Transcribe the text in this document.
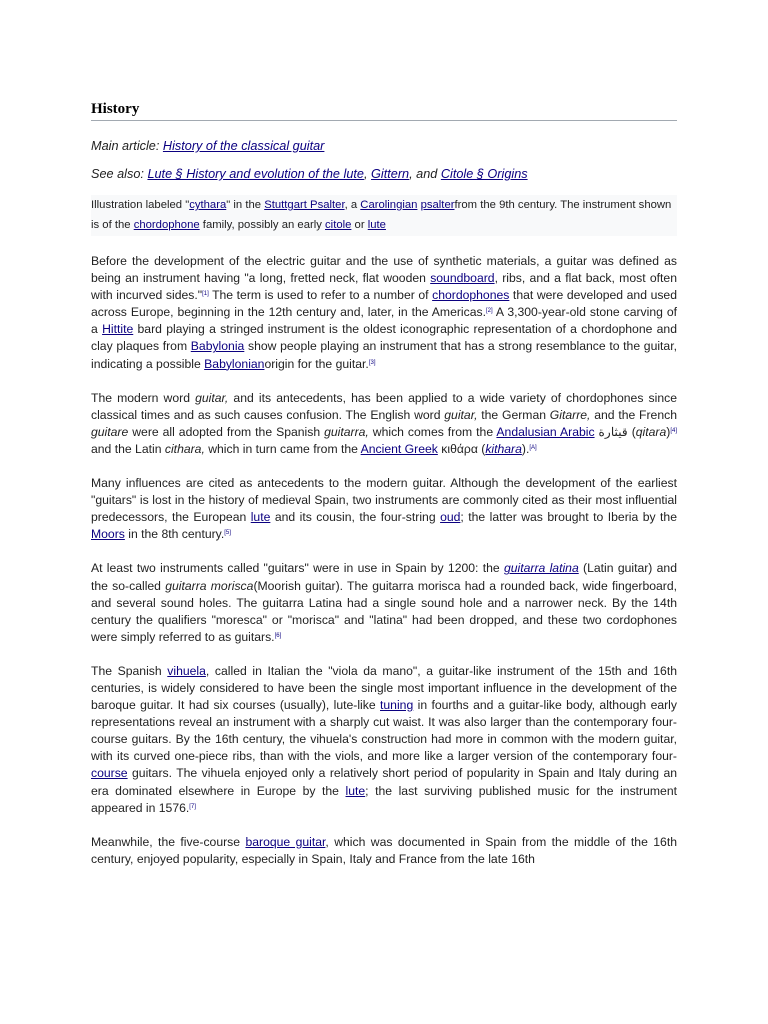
History
Main article: History of the classical guitar
See also: Lute § History and evolution of the lute, Gittern, and Citole § Origins
Illustration labeled "cythara" in the Stuttgart Psalter, a Carolingian psalterfrom the 9th century. The instrument shown is of the chordophone family, possibly an early citole or lute

Before the development of the electric guitar and the use of synthetic materials, a guitar was defined as being an instrument having "a long, fretted neck, flat wooden soundboard, ribs, and a flat back, most often with incurved sides."[1] The term is used to refer to a number of chordophones that were developed and used across Europe, beginning in the 12th century and, later, in the Americas.[2] A 3,300-year-old stone carving of a Hittite bard playing a stringed instrument is the oldest iconographic representation of a chordophone and clay plaques from Babylonia show people playing an instrument that has a strong resemblance to the guitar, indicating a possible Babylonianorigin for the guitar.[3]

The modern word guitar, and its antecedents, has been applied to a wide variety of chordophones since classical times and as such causes confusion. The English word guitar, the German Gitarre, and the French guitare were all adopted from the Spanish guitarra, which comes from the Andalusian Arabic قيثارة (qitara)[4] and the Latin cithara, which in turn came from the Ancient Greek κιθάρα (kithara).[A]

Many influences are cited as antecedents to the modern guitar. Although the development of the earliest "guitars" is lost in the history of medieval Spain, two instruments are commonly cited as their most influential predecessors, the European lute and its cousin, the four-string oud; the latter was brought to Iberia by the Moors in the 8th century.[5]

At least two instruments called "guitars" were in use in Spain by 1200: the guitarra latina (Latin guitar) and the so-called guitarra morisca(Moorish guitar). The guitarra morisca had a rounded back, wide fingerboard, and several sound holes. The guitarra Latina had a single sound hole and a narrower neck. By the 14th century the qualifiers "moresca" or "morisca" and "latina" had been dropped, and these two cordophones were simply referred to as guitars.[6]

The Spanish vihuela, called in Italian the "viola da mano", a guitar-like instrument of the 15th and 16th centuries, is widely considered to have been the single most important influence in the development of the baroque guitar. It had six courses (usually), lute-like tuning in fourths and a guitar-like body, although early representations reveal an instrument with a sharply cut waist. It was also larger than the contemporary four-course guitars. By the 16th century, the vihuela's construction had more in common with the modern guitar, with its curved one-piece ribs, than with the viols, and more like a larger version of the contemporary four-course guitars. The vihuela enjoyed only a relatively short period of popularity in Spain and Italy during an era dominated elsewhere in Europe by the lute; the last surviving published music for the instrument appeared in 1576.[7]

Meanwhile, the five-course baroque guitar, which was documented in Spain from the middle of the 16th century, enjoyed popularity, especially in Spain, Italy and France from the late 16th
